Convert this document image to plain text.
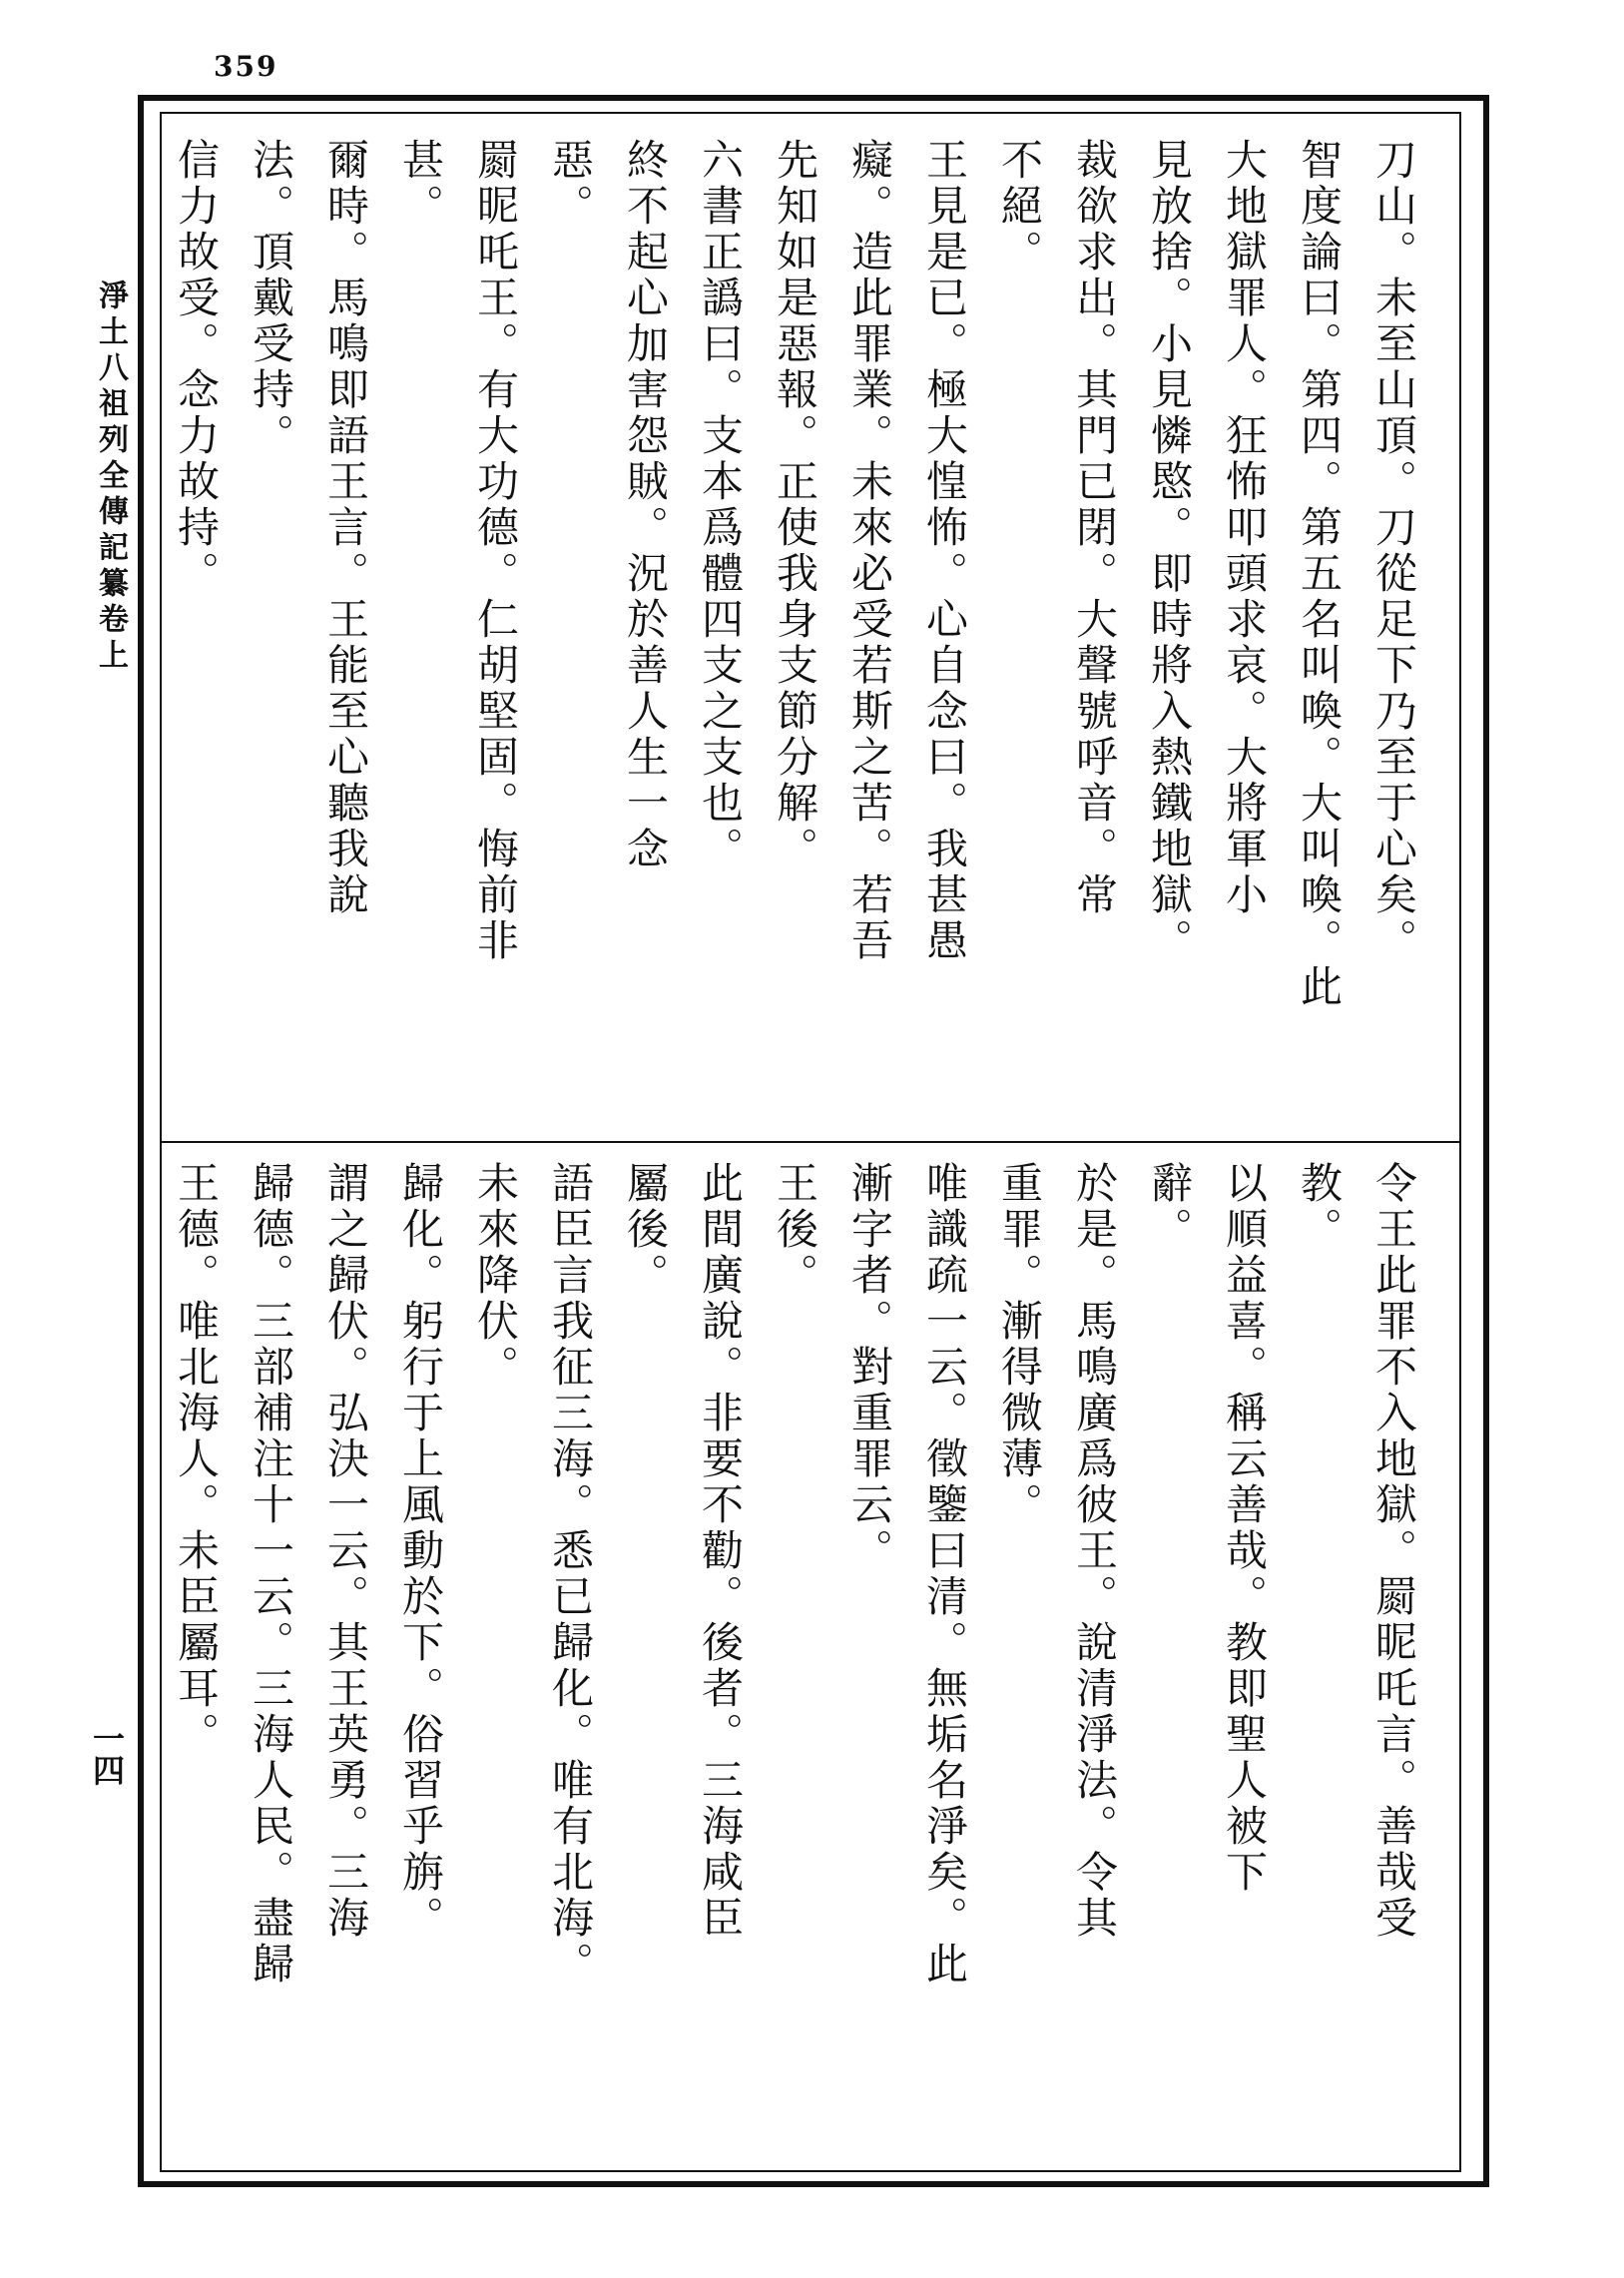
359
淨土八祖列全傳記纂卷上
一四
刀山。未至山頂。刀從足下乃至于心矣。
智度論曰。第四。第五名叫喚。大叫喚。此
大地獄罪人。狂怖叩頭求哀。大將軍小
見放捨。小見憐愍。即時將入熱鐵地獄。
裁欲求出。其門已閉。大聲號呼音。常
不絕。
王見是已。極大惶怖。心自念曰。我甚愚
癡。造此罪業。未來必受若斯之苦。若吾
先知如是惡報。正使我身支節分解。
六書正譌曰。支本爲體四支之支也。
終不起心加害怨賊。況於善人生一念
惡。
罽昵吒王。有大功德。仁胡堅固。悔前非
甚。
爾時。馬鳴即語王言。王能至心聽我說
法。頂戴受持。
信力故受。念力故持。
令王此罪不入地獄。罽昵吒言。善哉受
教。
以順益喜。稱云善哉。教即聖人被下
辭。
於是。馬鳴廣爲彼王。說清淨法。令其
重罪。漸得微薄。
唯識疏一云。徵鑒曰清。無垢名淨矣。此
漸字者。對重罪云。
王後。
此間廣說。非要不勸。後者。三海咸臣
屬後。
語臣言我征三海。悉已歸化。唯有北海。
未來降伏。
歸化。躬行于上風動於下。俗習乎旃。
謂之歸伏。弘決一云。其王英勇。三海
歸德。三部補注十一云。三海人民。盡歸
王德。唯北海人。未臣屬耳。
